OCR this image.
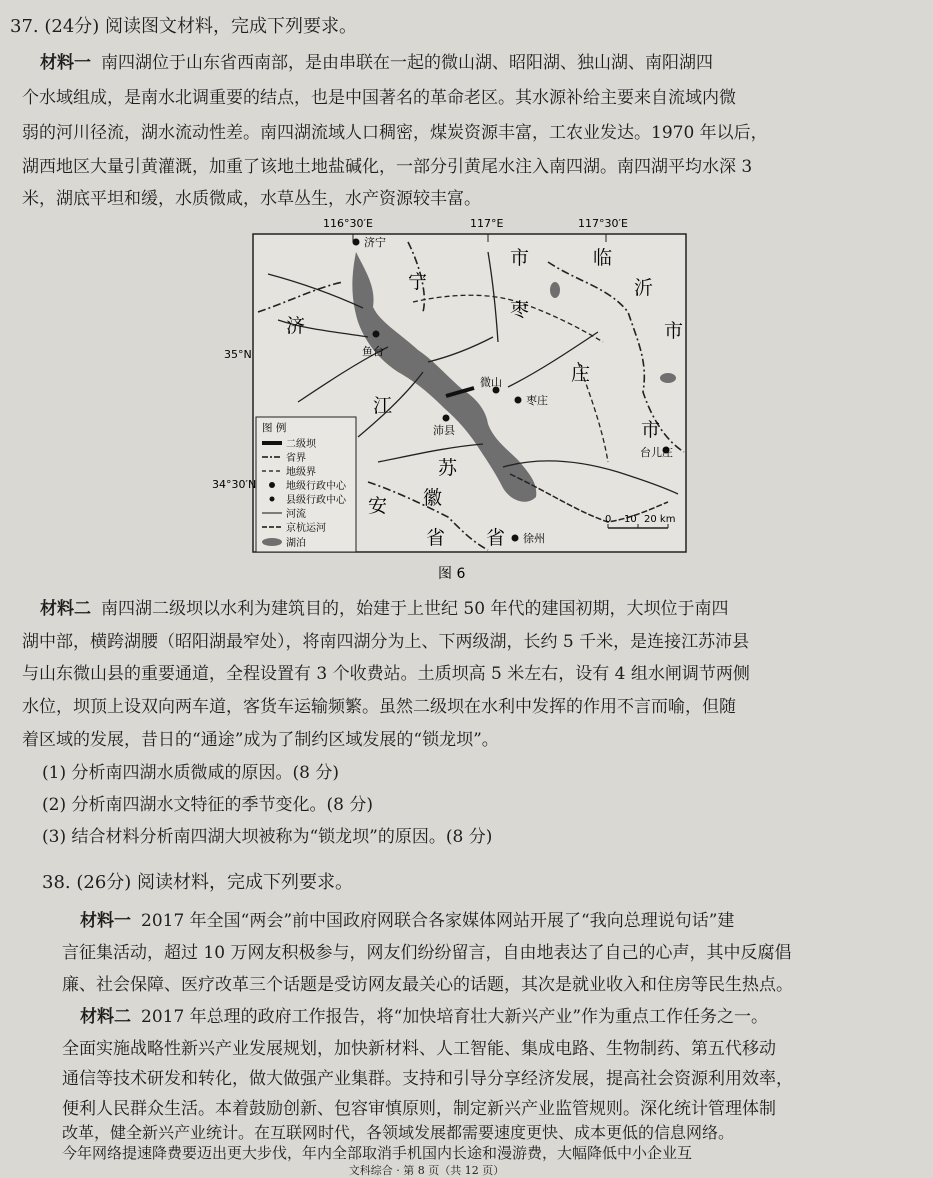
37. (24分) 阅读图文材料，完成下列要求。
材料一 南四湖位于山东省西南部，是由串联在一起的微山湖、昭阳湖、独山湖、南阳湖四
个水域组成，是南水北调重要的结点，也是中国著名的革命老区。其水源补给主要来自流域内微
弱的河川径流，湖水流动性差。南四湖流域人口稠密，煤炭资源丰富，工农业发达。1970 年以后，
湖西地区大量引黄灌溉，加重了该地土地盐碱化，一部分引黄尾水注入南四湖。南四湖平均水深 3
米，湖底平坦和缓，水质微咸，水草丛生，水产资源较丰富。
116°30′E	117°E	117°30′E
35°N
34°30′N
济宁
鱼台
微山
枣庄
沛县
台儿庄
徐州
宁
市	临
沂
市
济
枣
庄
市
江
苏
安 徽
省 省
0 10 20 km
图 例
二级坝
省界
地级界
地级行政中心
县级行政中心
河流
京杭运河
湖泊
图 6
材料二 南四湖二级坝以水利为建筑目的，始建于上世纪 50 年代的建国初期，大坝位于南四
湖中部，横跨湖腰（昭阳湖最窄处），将南四湖分为上、下两级湖，长约 5 千米，是连接江苏沛县
与山东微山县的重要通道，全程设置有 3 个收费站。土质坝高 5 米左右，设有 4 组水闸调节两侧
水位，坝顶上设双向两车道，客货车运输频繁。虽然二级坝在水利中发挥的作用不言而喻，但随
着区域的发展，昔日的“通途”成为了制约区域发展的“锁龙坝”。
(1) 分析南四湖水质微咸的原因。(8 分)
(2) 分析南四湖水文特征的季节变化。(8 分)
(3) 结合材料分析南四湖大坝被称为“锁龙坝”的原因。(8 分)
38. (26分) 阅读材料，完成下列要求。
材料一 2017 年全国“两会”前中国政府网联合各家媒体网站开展了“我向总理说句话”建
言征集活动，超过 10 万网友积极参与，网友们纷纷留言，自由地表达了自己的心声，其中反腐倡
廉、社会保障、医疗改革三个话题是受访网友最关心的话题，其次是就业收入和住房等民生热点。
材料二 2017 年总理的政府工作报告，将“加快培育壮大新兴产业”作为重点工作任务之一。
全面实施战略性新兴产业发展规划，加快新材料、人工智能、集成电路、生物制药、第五代移动
通信等技术研发和转化，做大做强产业集群。支持和引导分享经济发展，提高社会资源利用效率，
便利人民群众生活。本着鼓励创新、包容审慎原则，制定新兴产业监管规则。深化统计管理体制
改革，健全新兴产业统计。在互联网时代，各领域发展都需要速度更快、成本更低的信息网络。
今年网络提速降费要迈出更大步伐，年内全部取消手机国内长途和漫游费，大幅降低中小企业互
文科综合 · 第 8 页（共 12 页）
